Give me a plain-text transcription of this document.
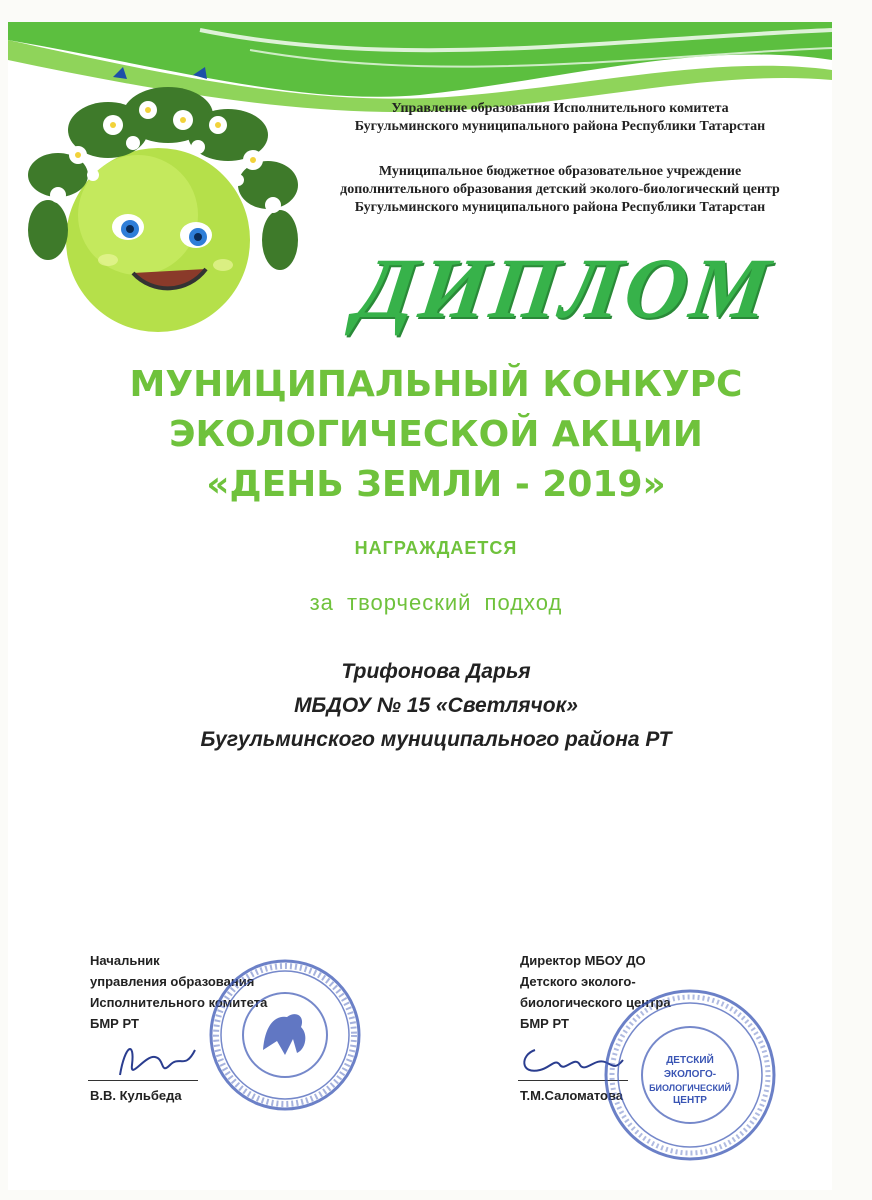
Управление образования Исполнительного комитета
Бугульминского муниципального района Республики Татарстан
Муниципальное бюджетное образовательное учреждение
дополнительного образования детский эколого-биологический центр
Бугульминского муниципального района Республики Татарстан
ДИПЛОМ
МУНИЦИПАЛЬНЫЙ КОНКУРС
ЭКОЛОГИЧЕСКОЙ АКЦИИ
«ДЕНЬ ЗЕМЛИ - 2019»
НАГРАЖДАЕТСЯ
за творческий подход
Трифонова Дарья
МБДОУ № 15 «Светлячок»
Бугульминского муниципального района РТ
Начальник
управления образования
Исполнительного комитета
БМР РТ
В.В. Кульбеда
Директор МБОУ ДО
Детского эколого-
биологического центра
БМР РТ
Т.М.Саломатова
ДЕТСКИЙ
ЭКОЛОГО-
БИОЛОГИЧЕСКИЙ
ЦЕНТР
